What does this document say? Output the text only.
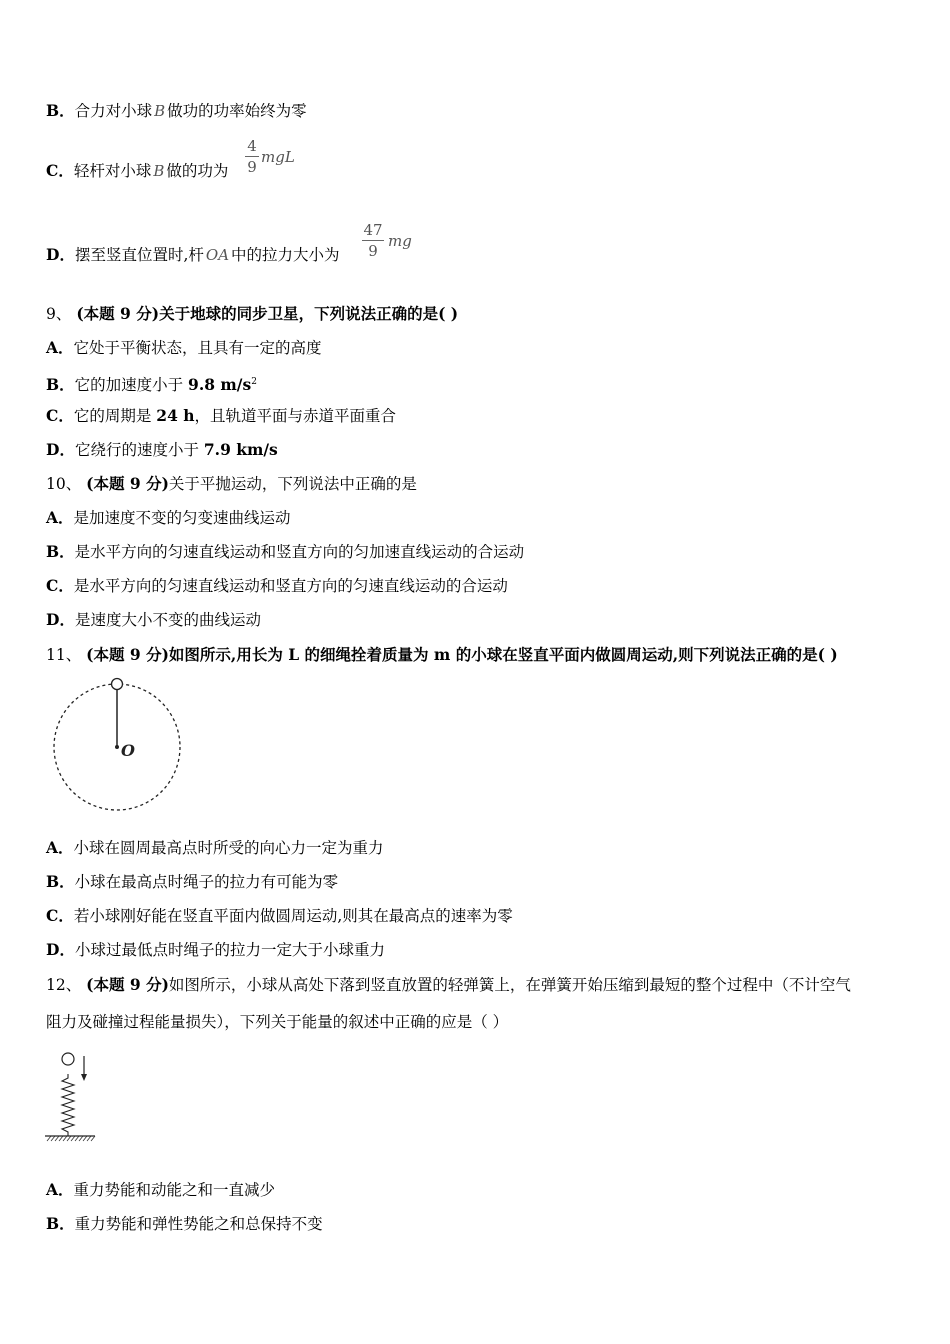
B．合力对小球 B 做功的功率始终为零
C．轻杆对小球 B 做的功为
4
9
mgL
D．摆至竖直位置时,杆 OA 中的拉力大小为
47
9
mg
9、 (本题 9 分)关于地球的同步卫星，下列说法正确的是( )
A．它处于平衡状态，且具有一定的高度
B．它的加速度小于 9.8 $m/s^2$
C．它的周期是 24 h，且轨道平面与赤道平面重合
D．它绕行的速度小于 7.9 km/s
10、 (本题 9 分)关于平抛运动，下列说法中正确的是
A．是加速度不变的匀变速曲线运动
B．是水平方向的匀速直线运动和竖直方向的匀加速直线运动的合运动
C．是水平方向的匀速直线运动和竖直方向的匀速直线运动的合运动
D．是速度大小不变的曲线运动
11、 (本题 9 分)如图所示,用长为 L 的细绳拴着质量为 m 的小球在竖直平面内做圆周运动,则下列说法正确的是( )
O
A．小球在圆周最高点时所受的向心力一定为重力
B．小球在最高点时绳子的拉力有可能为零
C．若小球刚好能在竖直平面内做圆周运动,则其在最高点的速率为零
D．小球过最低点时绳子的拉力一定大于小球重力
12、 (本题 9 分)如图所示，小球从高处下落到竖直放置的轻弹簧上，在弹簧开始压缩到最短的整个过程中（不计空气
阻力及碰撞过程能量损失），下列关于能量的叙述中正确的应是（ ）
A．重力势能和动能之和一直减少
B．重力势能和弹性势能之和总保持不变
